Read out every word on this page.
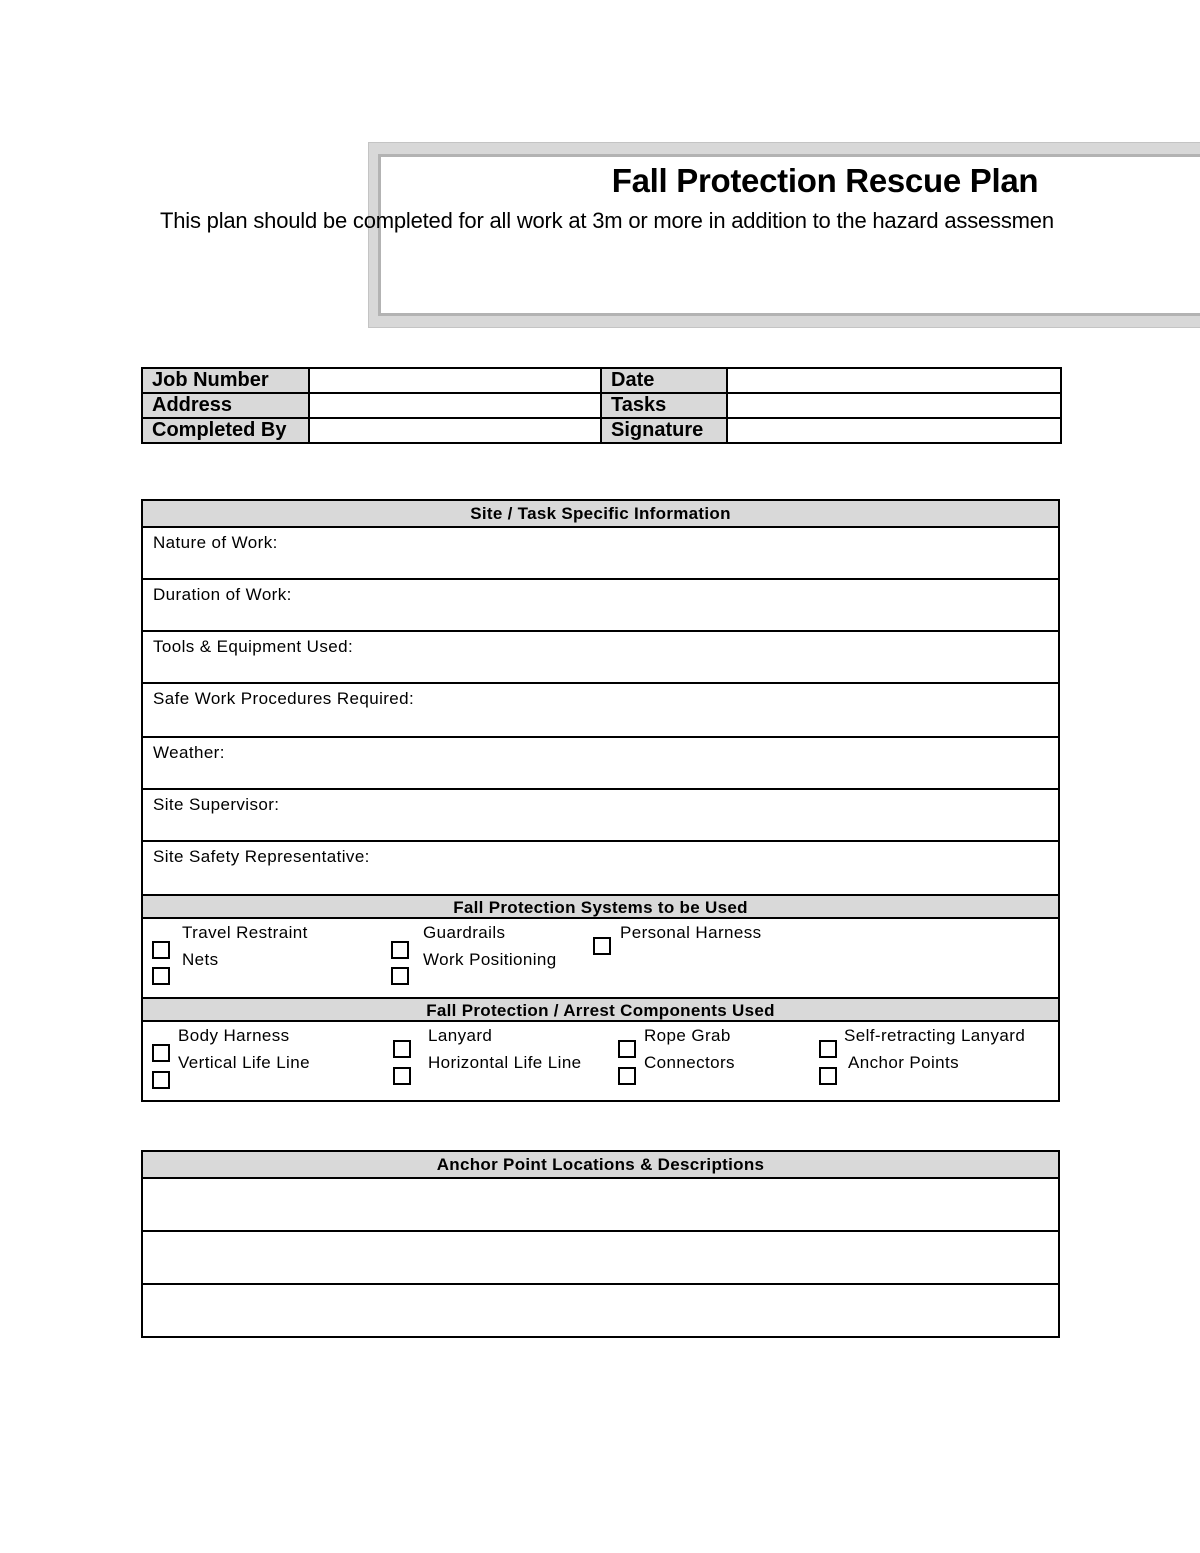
Fall Protection Rescue Plan
This plan should be completed for all work at 3m or more in addition to the hazard assessmen
Job Number		Date	
Address		Tasks	
Completed By		Signature	
Site / Task Specific Information
Nature of Work:
Duration of Work:
Tools & Equipment Used:
Safe Work Procedures Required:
Weather:
Site Supervisor:
Site Safety Representative:
Fall Protection Systems to be Used
Travel Restraint
Nets
Guardrails
Work Positioning
Personal Harness
Fall Protection / Arrest Components Used
Body Harness
Vertical Life Line
Lanyard
Horizontal Life Line
Rope Grab
Connectors
Self-retracting Lanyard
Anchor Points
Anchor Point Locations & Descriptions
